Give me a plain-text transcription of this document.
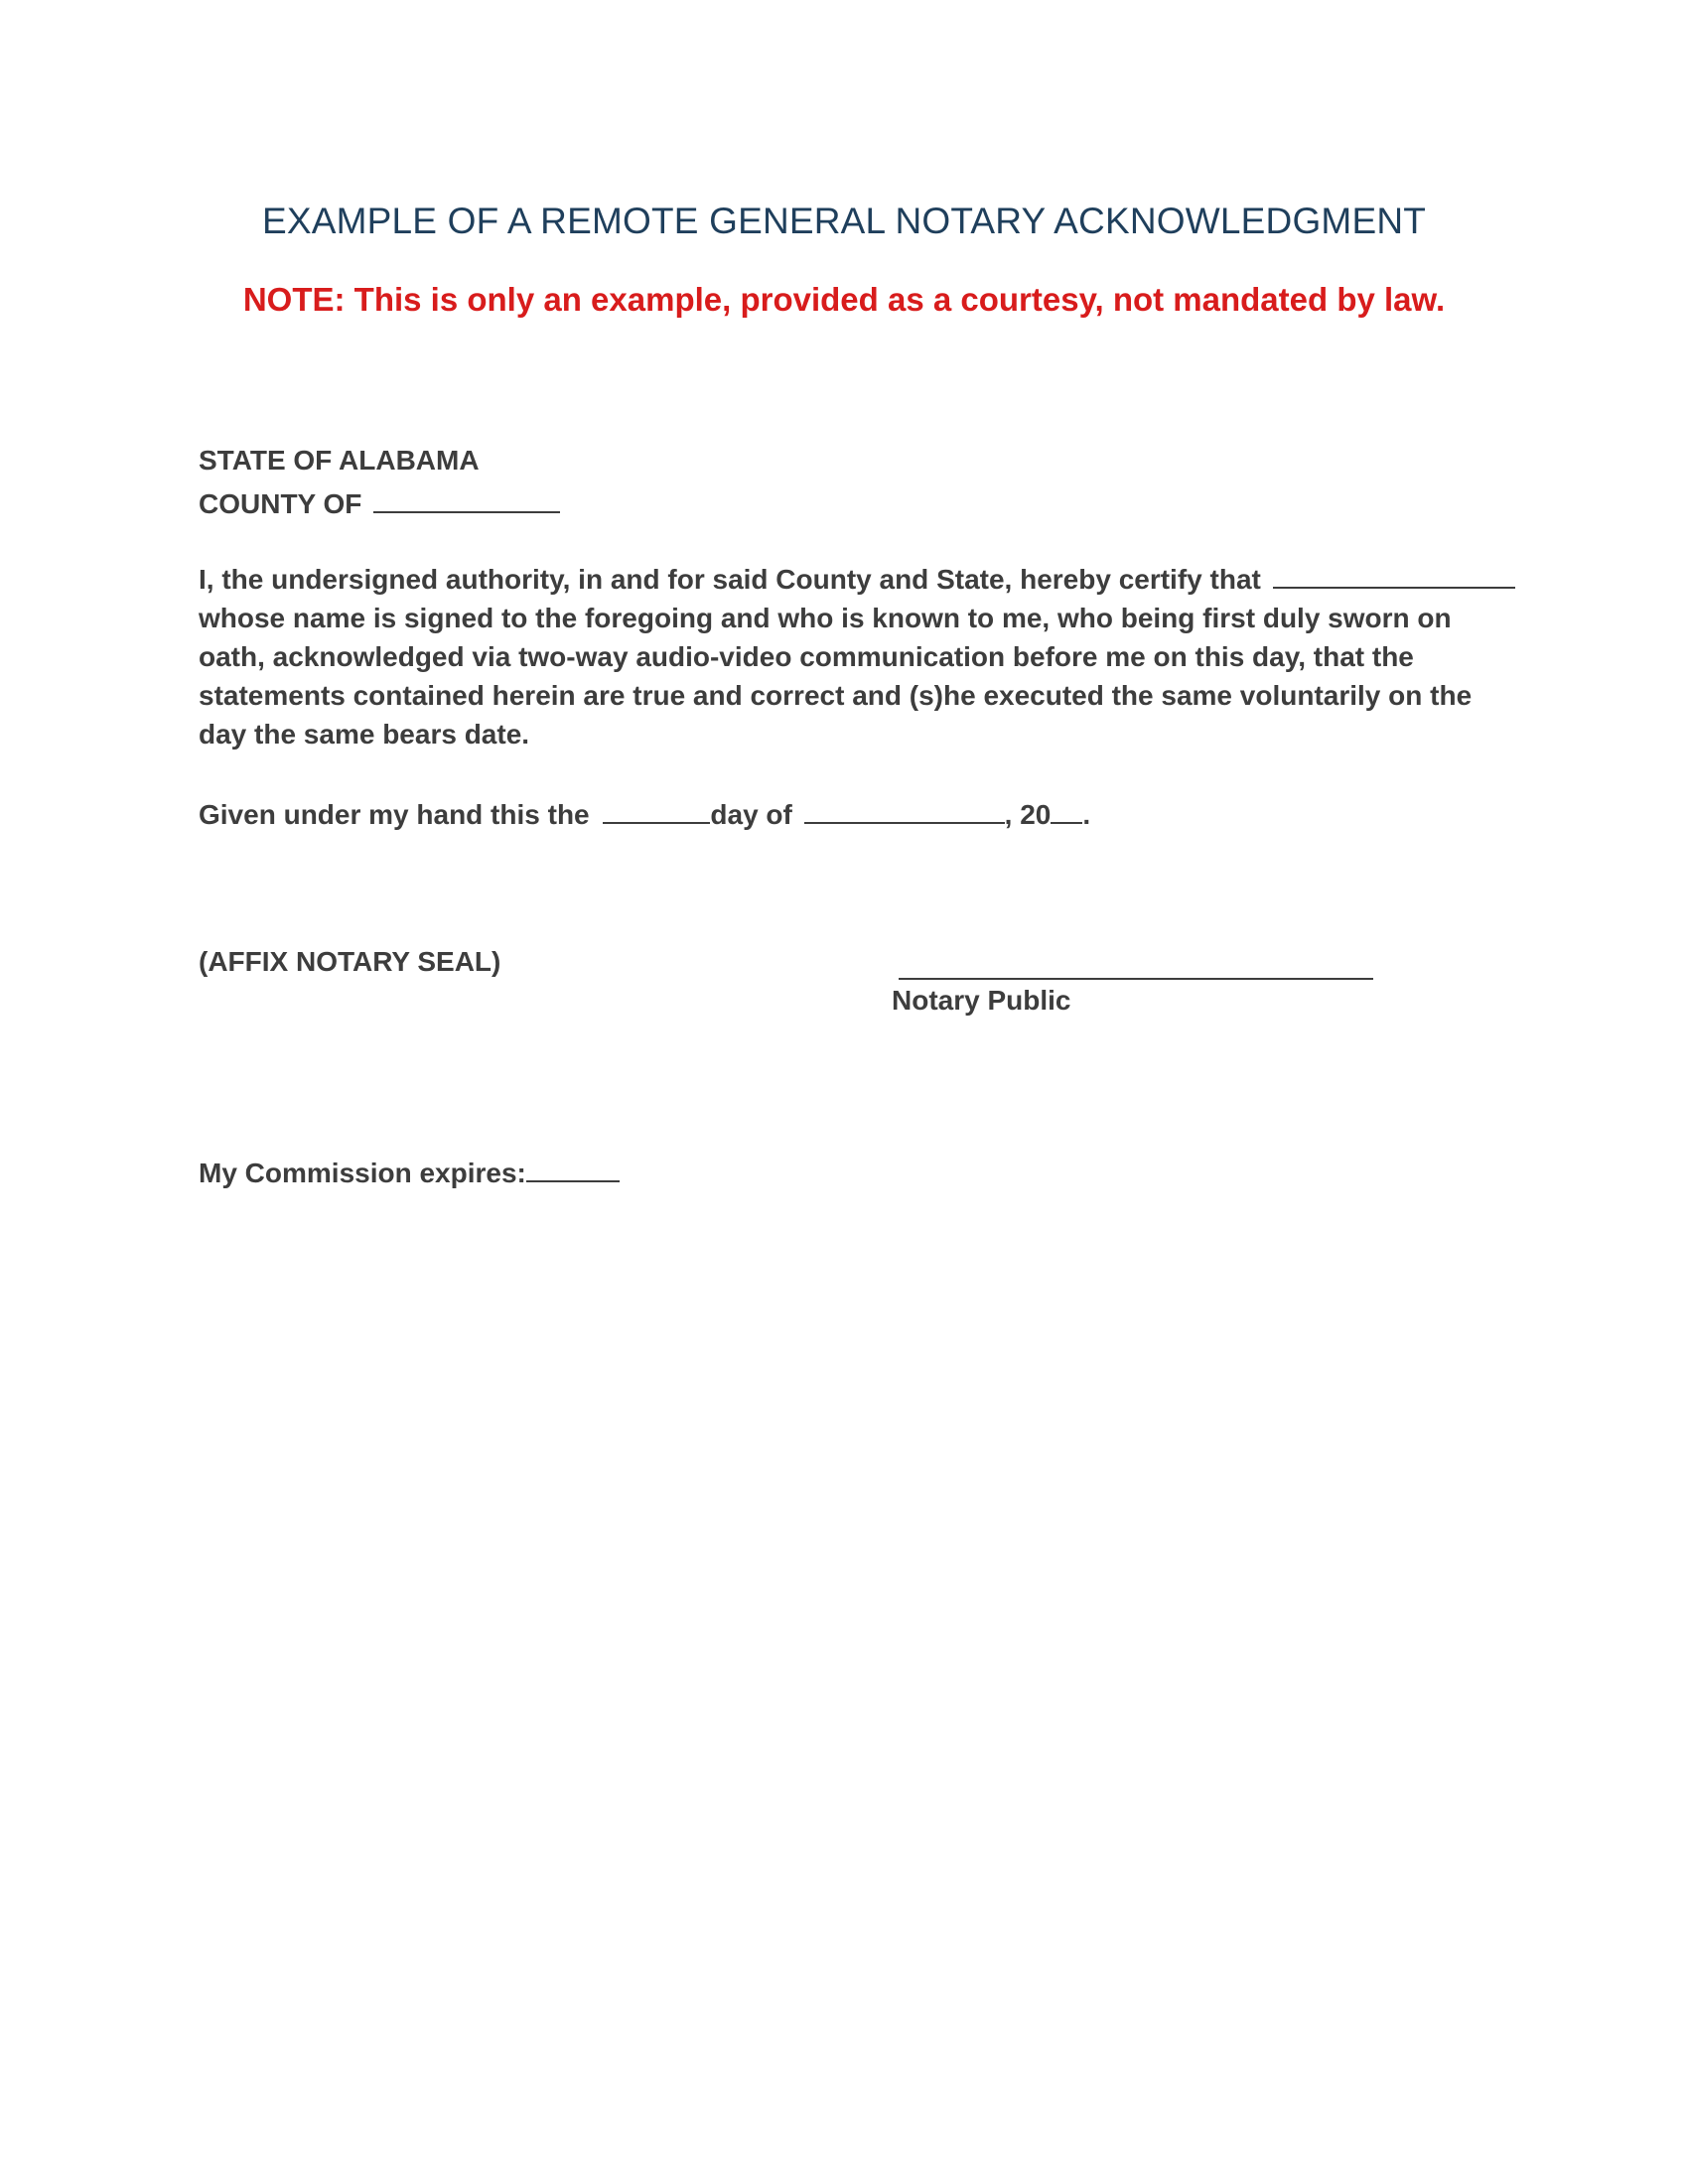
EXAMPLE OF A REMOTE GENERAL NOTARY ACKNOWLEDGMENT
NOTE: This is only an example, provided as a courtesy, not mandated by law.
STATE OF ALABAMA
COUNTY OF
I, the undersigned authority, in and for said County and State, hereby certify that
whose name is signed to the foregoing and who is known to me, who being first duly sworn on
oath, acknowledged via two-way audio-video communication before me on this day, that the
statements contained herein are true and correct and (s)he executed the same voluntarily on the
day the same bears date.
Given under my hand this the	day of	, 20 .
(AFFIX NOTARY SEAL)
Notary Public
My Commission expires:
